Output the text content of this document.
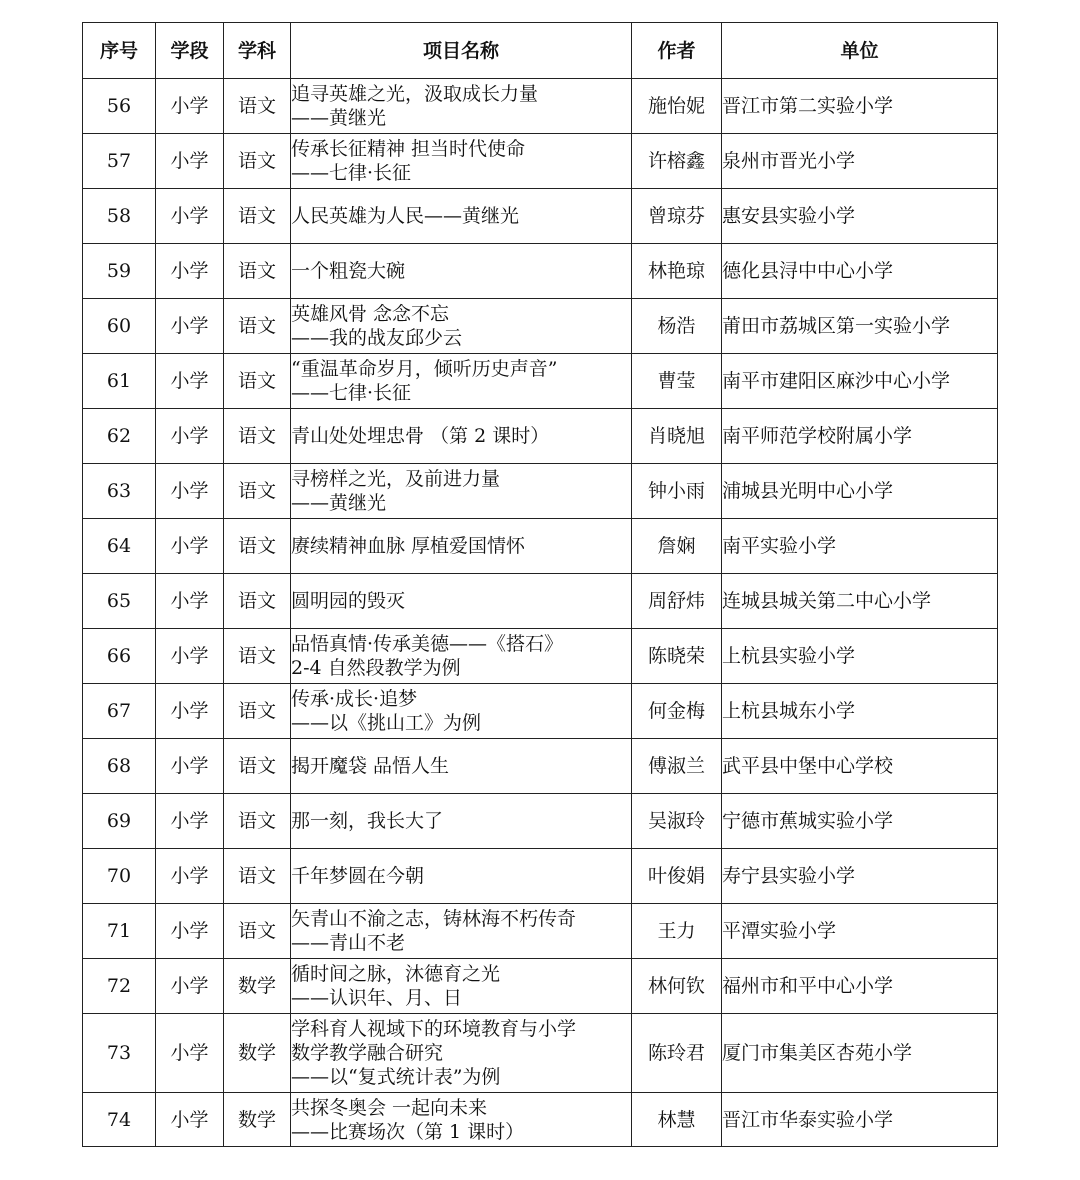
序号	学段	学科	项目名称	作者	单位
56	小学	语文	追寻英雄之光，汲取成长力量
——黄继光	施怡妮	晋江市第二实验小学
57	小学	语文	传承长征精神 担当时代使命
——七律·长征	许榕鑫	泉州市晋光小学
58	小学	语文	人民英雄为人民——黄继光	曾琼芬	惠安县实验小学
59	小学	语文	一个粗瓷大碗	林艳琼	德化县浔中中心小学
60	小学	语文	英雄风骨 念念不忘
——我的战友邱少云	杨浩	莆田市荔城区第一实验小学
61	小学	语文	“重温革命岁月，倾听历史声音”
——七律·长征	曹莹	南平市建阳区麻沙中心小学
62	小学	语文	青山处处埋忠骨 （第 2 课时）	肖晓旭	南平师范学校附属小学
63	小学	语文	寻榜样之光，及前进力量
——黄继光	钟小雨	浦城县光明中心小学
64	小学	语文	赓续精神血脉 厚植爱国情怀	詹娴	南平实验小学
65	小学	语文	圆明园的毁灭	周舒炜	连城县城关第二中心小学
66	小学	语文	品悟真情·传承美德——《搭石》
2-4 自然段教学为例	陈晓荣	上杭县实验小学
67	小学	语文	传承·成长·追梦
——以《挑山工》为例	何金梅	上杭县城东小学
68	小学	语文	揭开魔袋 品悟人生	傅淑兰	武平县中堡中心学校
69	小学	语文	那一刻，我长大了	吴淑玲	宁德市蕉城实验小学
70	小学	语文	千年梦圆在今朝	叶俊娟	寿宁县实验小学
71	小学	语文	矢青山不渝之志，铸林海不朽传奇
——青山不老	王力	平潭实验小学
72	小学	数学	循时间之脉，沐德育之光
——认识年、月、日	林何钦	福州市和平中心小学
73	小学	数学	学科育人视域下的环境教育与小学
数学教学融合研究
——以“复式统计表”为例	陈玲君	厦门市集美区杏苑小学
74	小学	数学	共探冬奥会 一起向未来
——比赛场次（第 1 课时）	林慧	晋江市华泰实验小学
